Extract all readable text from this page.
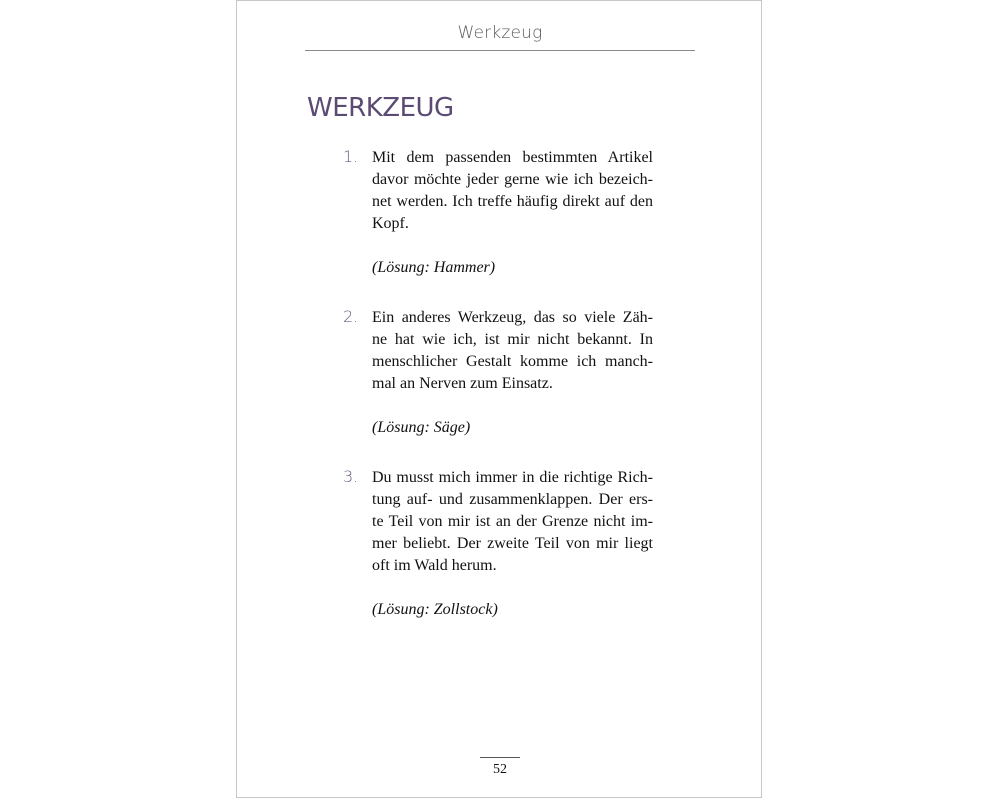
Werkzeug
WERKZEUG
1. Mit dem passenden bestimmten Artikel
davor möchte jeder gerne wie ich bezeich-
net werden. Ich treffe häufig direkt auf den
Kopf.
(Lösung: Hammer)
2. Ein anderes Werkzeug, das so viele Zäh-
ne hat wie ich, ist mir nicht bekannt. In
menschlicher Gestalt komme ich manch-
mal an Nerven zum Einsatz.
(Lösung: Säge)
3. Du musst mich immer in die richtige Rich-
tung auf- und zusammenklappen. Der ers-
te Teil von mir ist an der Grenze nicht im-
mer beliebt. Der zweite Teil von mir liegt
oft im Wald herum.
(Lösung: Zollstock)
52
